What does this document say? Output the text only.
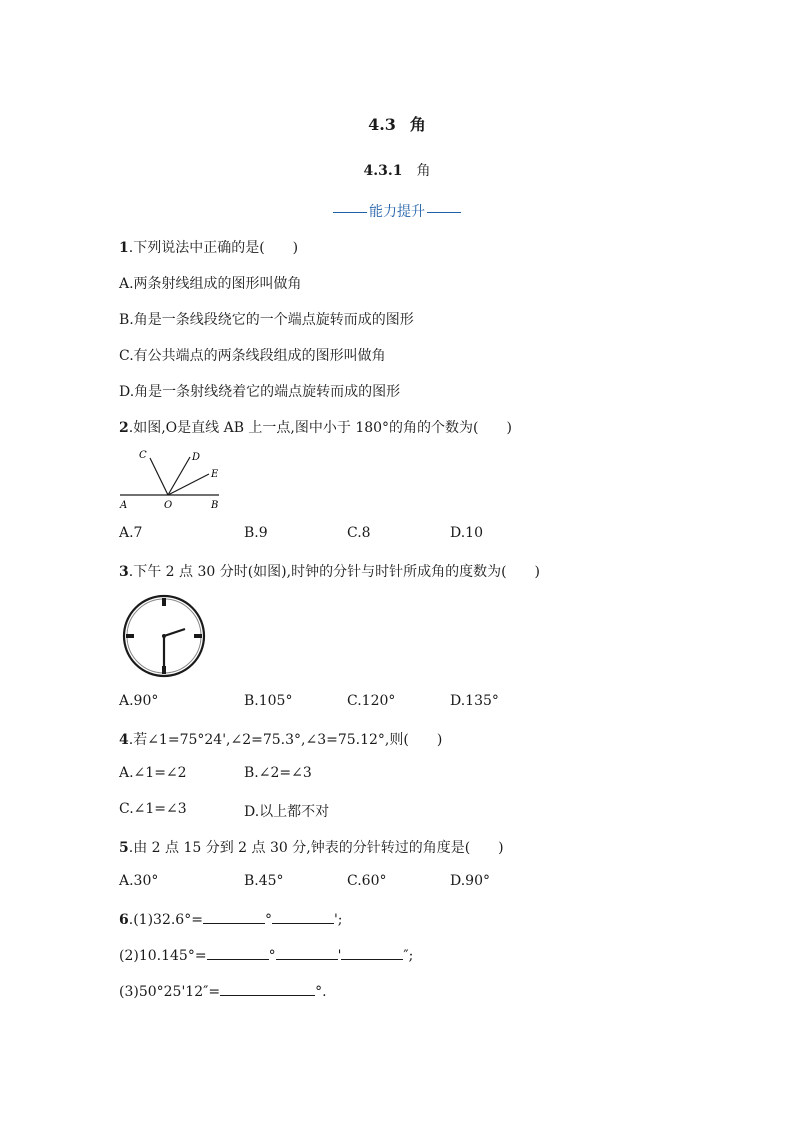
4.3 角
4.3.1 角
能力提升
1.下列说法中正确的是(　　)
A.两条射线组成的图形叫做角
B.角是一条线段绕它的一个端点旋转而成的图形
C.有公共端点的两条线段组成的图形叫做角
D.角是一条射线绕着它的端点旋转而成的图形
2.如图,O是直线 AB 上一点,图中小于 180°的角的个数为(　　)
A	O	B
C	D
E
A.7	B.9	C.8	D.10
3.下午 2 点 30 分时(如图),时钟的分针与时针所成角的度数为(　　)
A.90°	B.105°	C.120°	D.135°
4.若∠1=75°24',∠2=75.3°,∠3=75.12°,则(　　)
A.∠1=∠2	B.∠2=∠3
C.∠1=∠3	D.以上都不对
5.由 2 点 15 分到 2 点 30 分,钟表的分针转过的角度是(　　)
A.30°	B.45°	C.60°	D.90°
6.(1)32.6°=	°	';
(2)10.145°=	°	'	″;
(3)50°25'12″=	°.
